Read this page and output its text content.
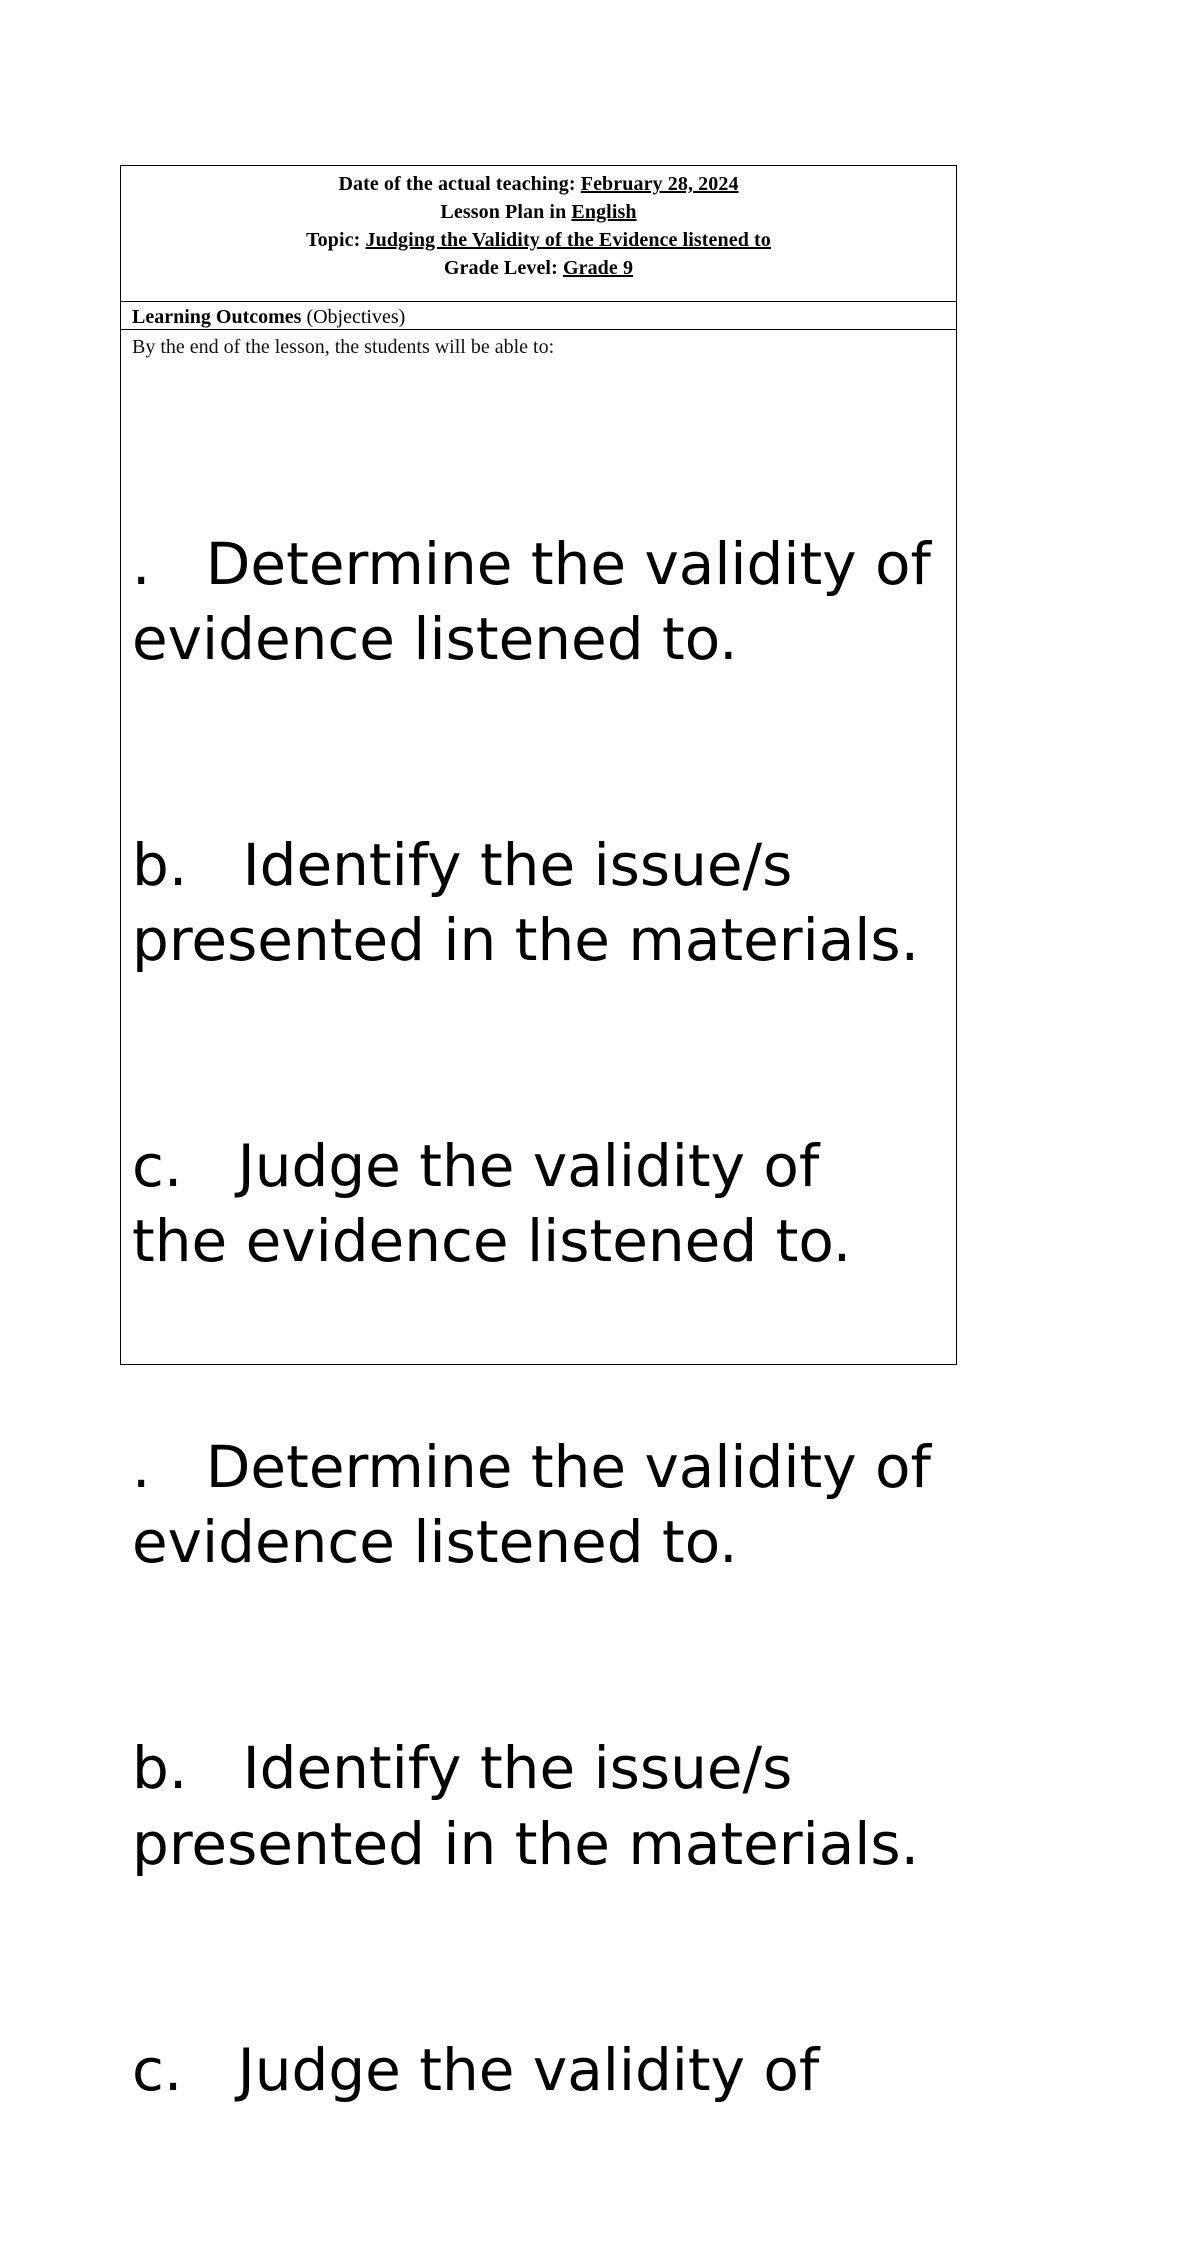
Date of the actual teaching: February 28, 2024
Lesson Plan in English
Topic: Judging the Validity of the Evidence listened to
Grade Level: Grade 9
Learning Outcomes (Objectives)
By the end of the lesson, the students will be able to:

.   Determine the validity of evidence listened to.

b.   Identify the issue/s presented in the materials.

c.   Judge the validity of the evidence listened to.

.   Determine the validity of evidence listened to.

b.   Identify the issue/s presented in the materials.

c.   Judge the validity of
